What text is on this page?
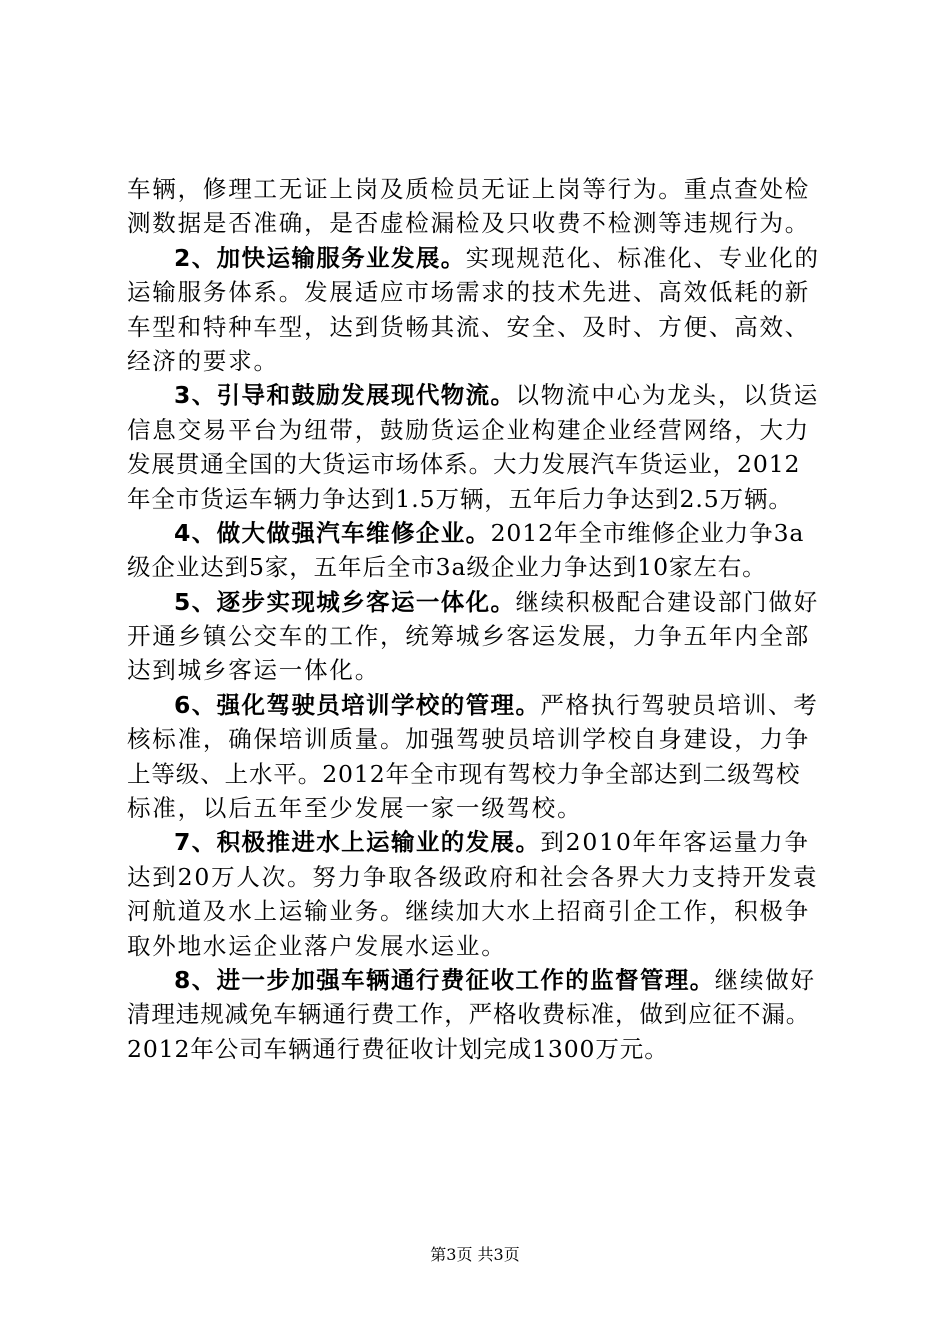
车辆，修理工无证上岗及质检员无证上岗等行为。重点查处检
测数据是否准确，是否虚检漏检及只收费不检测等违规行为。
2、加快运输服务业发展。实现规范化、标准化、专业化的
运输服务体系。发展适应市场需求的技术先进、高效低耗的新
车型和特种车型，达到货畅其流、安全、及时、方便、高效、
经济的要求。
3、引导和鼓励发展现代物流。以物流中心为龙头，以货运
信息交易平台为纽带，鼓励货运企业构建企业经营网络，大力
发展贯通全国的大货运市场体系。大力发展汽车货运业，2012
年全市货运车辆力争达到1.5万辆，五年后力争达到2.5万辆。
4、做大做强汽车维修企业。2012年全市维修企业力争3a
级企业达到5家，五年后全市3a级企业力争达到10家左右。
5、逐步实现城乡客运一体化。继续积极配合建设部门做好
开通乡镇公交车的工作，统筹城乡客运发展，力争五年内全部
达到城乡客运一体化。
6、强化驾驶员培训学校的管理。严格执行驾驶员培训、考
核标准，确保培训质量。加强驾驶员培训学校自身建设，力争
上等级、上水平。2012年全市现有驾校力争全部达到二级驾校
标准，以后五年至少发展一家一级驾校。
7、积极推进水上运输业的发展。到2010年年客运量力争
达到20万人次。努力争取各级政府和社会各界大力支持开发袁
河航道及水上运输业务。继续加大水上招商引企工作，积极争
取外地水运企业落户发展水运业。
8、进一步加强车辆通行费征收工作的监督管理。继续做好
清理违规减免车辆通行费工作，严格收费标准，做到应征不漏。
2012年公司车辆通行费征收计划完成1300万元。
第3页 共3页
